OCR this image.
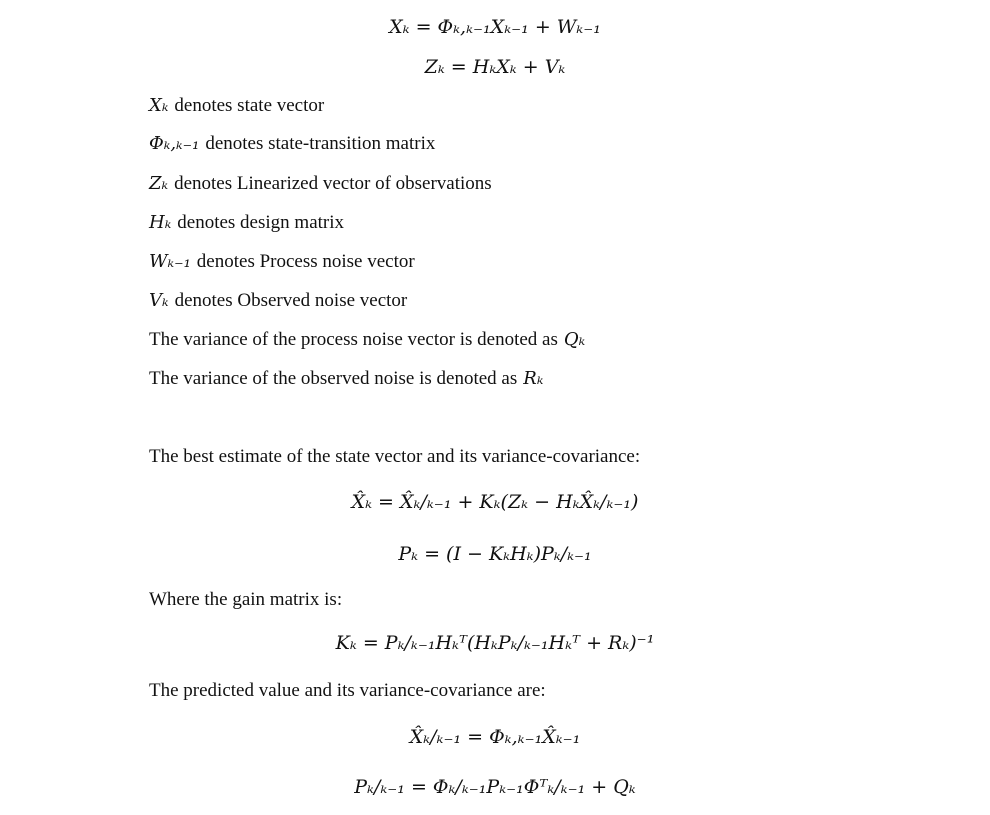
Xₖ = Φₖ,ₖ₋₁Xₖ₋₁ + Wₖ₋₁
Zₖ = HₖXₖ + Vₖ
Xₖ denotes state vector
Φₖ,ₖ₋₁ denotes state-transition matrix
Zₖ denotes Linearized vector of observations
Hₖ denotes design matrix
Wₖ₋₁ denotes Process noise vector
Vₖ denotes Observed noise vector
The variance of the process noise vector is denoted as Qₖ
The variance of the observed noise is denoted as Rₖ
The best estimate of the state vector and its variance-covariance:
X̂ₖ = X̂ₖ/ₖ₋₁ + Kₖ(Zₖ − HₖX̂ₖ/ₖ₋₁)
Pₖ = (I − KₖHₖ)Pₖ/ₖ₋₁
Where the gain matrix is:
Kₖ = Pₖ/ₖ₋₁Hₖᵀ(HₖPₖ/ₖ₋₁Hₖᵀ + Rₖ)⁻¹
The predicted value and its variance-covariance are:
X̂ₖ/ₖ₋₁ = Φₖ,ₖ₋₁X̂ₖ₋₁
Pₖ/ₖ₋₁ = Φₖ/ₖ₋₁Pₖ₋₁Φᵀₖ/ₖ₋₁ + Qₖ
